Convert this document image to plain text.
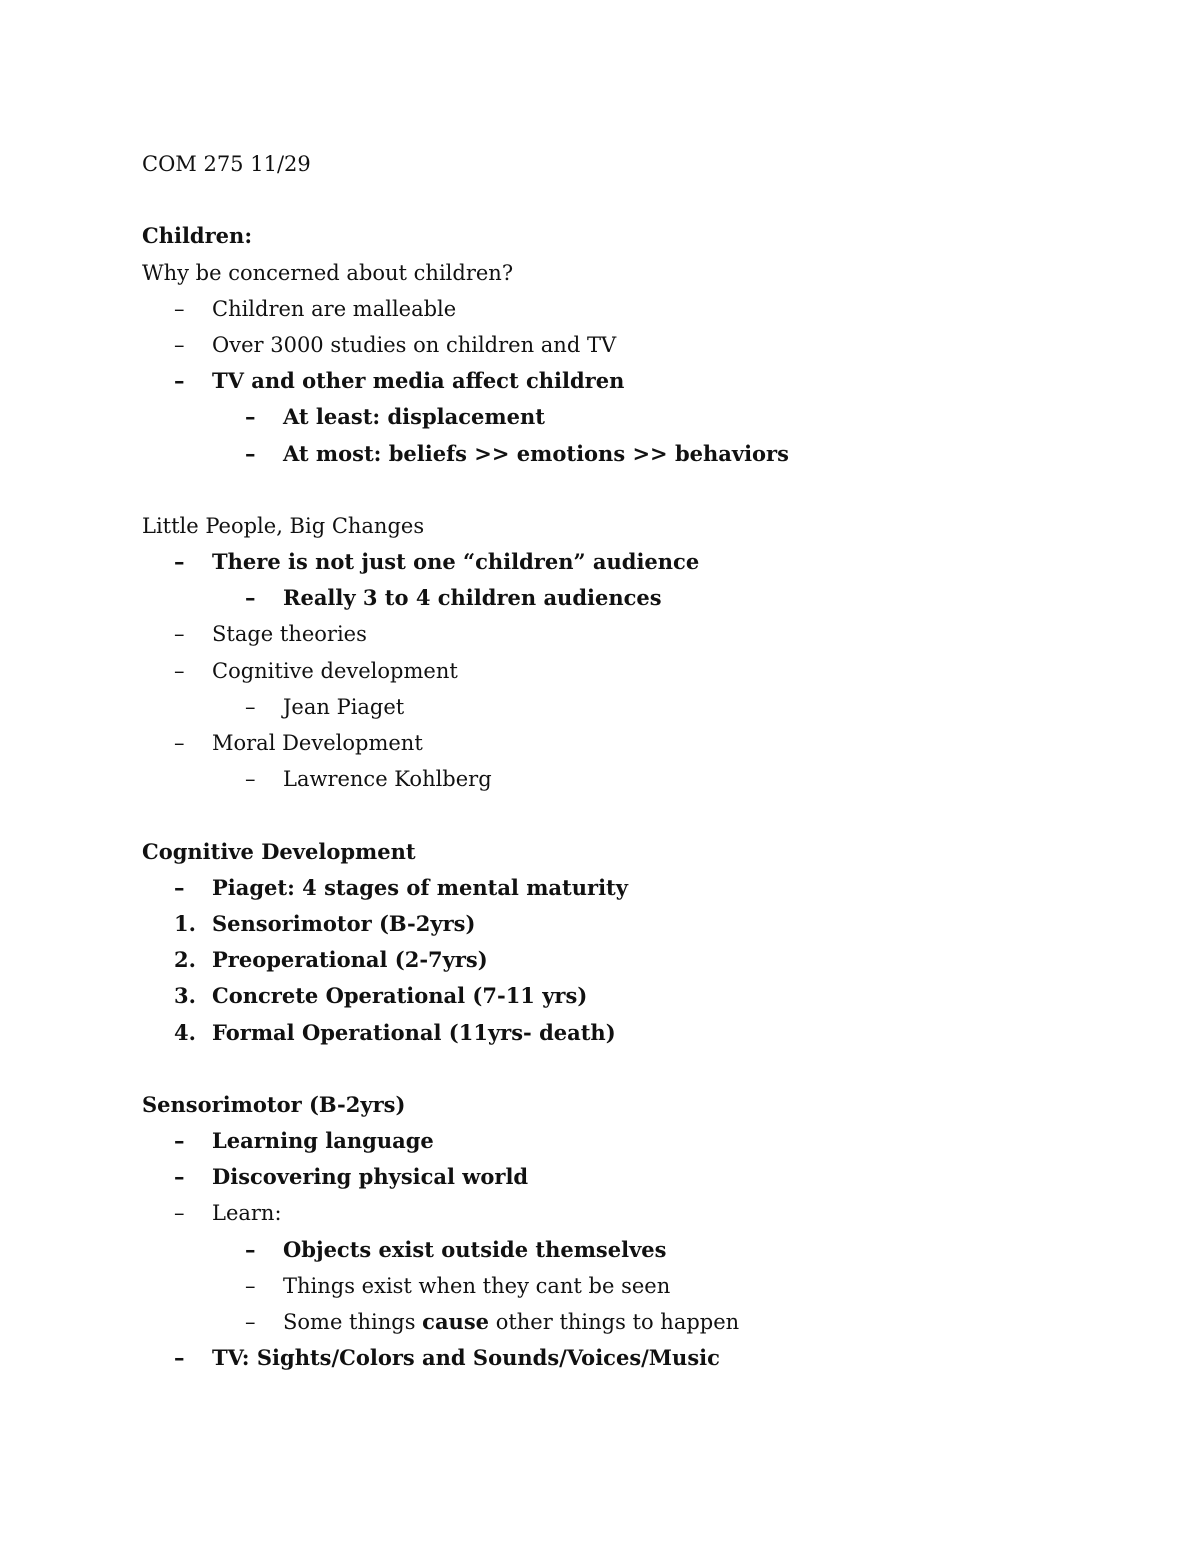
COM 275 11/29
Children:
Why be concerned about children?
– Children are malleable
– Over 3000 studies on children and TV
– TV and other media affect children
– At least: displacement
– At most: beliefs >> emotions >> behaviors
Little People, Big Changes
– There is not just one “children” audience
– Really 3 to 4 children audiences
– Stage theories
– Cognitive development
– Jean Piaget
– Moral Development
– Lawrence Kohlberg
Cognitive Development
– Piaget: 4 stages of mental maturity
1. Sensorimotor (B-2yrs)
2. Preoperational (2-7yrs)
3. Concrete Operational (7-11 yrs)
4. Formal Operational (11yrs- death)
Sensorimotor (B-2yrs)
– Learning language
– Discovering physical world
– Learn:
– Objects exist outside themselves
– Things exist when they cant be seen
– Some things cause other things to happen
– TV: Sights/Colors and Sounds/Voices/Music
